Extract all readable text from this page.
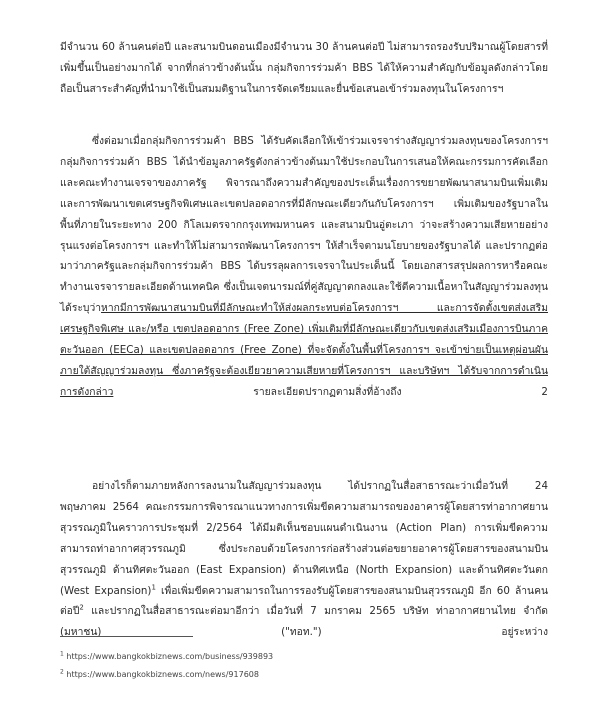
มีจำนวน 60 ล้านคนต่อปี และสนามบินดอนเมืองมีจำนวน 30 ล้านคนต่อปี ไม่สามารถรองรับปริมาณผู้โดยสารที่เพิ่มขึ้นเป็นอย่างมากได้ จากที่กล่าวข้างต้นนั้น กลุ่มกิจการร่วมค้า BBS ได้ให้ความสำคัญกับข้อมูลดังกล่าวโดยถือเป็นสาระสำคัญที่นำมาใช้เป็นสมมติฐานในการจัดเตรียมและยื่นข้อเสนอเข้าร่วมลงทุนในโครงการฯ

ซึ่งต่อมาเมื่อกลุ่มกิจการร่วมค้า BBS ได้รับคัดเลือกให้เข้าร่วมเจรจาร่างสัญญาร่วมลงทุนของโครงการฯ กลุ่มกิจการร่วมค้า BBS ได้นำข้อมูลภาครัฐดังกล่าวข้างต้นมาใช้ประกอบในการเสนอให้คณะกรรมการคัดเลือกและคณะทำงานเจรจาของภาครัฐ พิจารณาถึงความสำคัญของประเด็นเรื่องการขยายพัฒนาสนามบินเพิ่มเติมและการพัฒนาเขตเศรษฐกิจพิเศษและเขตปลอดอากรที่มีลักษณะเดียวกันกับโครงการฯ เพิ่มเติมของรัฐบาลในพื้นที่ภายในระยะทาง 200 กิโลเมตรจากกรุงเทพมหานคร และสนามบินอู่ตะเภา ว่าจะสร้างความเสียหายอย่างรุนแรงต่อโครงการฯ และทำให้ไม่สามารถพัฒนาโครงการฯ ให้สำเร็จตามนโยบายของรัฐบาลได้ และปรากฏต่อมาว่าภาครัฐและกลุ่มกิจการร่วมค้า BBS ได้บรรลุผลการเจรจาในประเด็นนี้ โดยเอกสารสรุปผลการหารือคณะทำงานเจรจารายละเอียดด้านเทคนิค ซึ่งเป็นเจตนารมณ์ที่คู่สัญญาตกลงและใช้ตีความเนื้อหาในสัญญาร่วมลงทุนได้ระบุว่าหากมีการพัฒนาสนามบินที่มีลักษณะทำให้ส่งผลกระทบต่อโครงการฯ และการจัดตั้งเขตส่งเสริมเศรษฐกิจพิเศษ และ/หรือ เขตปลอดอากร (Free Zone) เพิ่มเติมที่มีลักษณะเดียวกับเขตส่งเสริมเมืองการบินภาคตะวันออก (EECa) และเขตปลอดอากร (Free Zone) ที่จะจัดตั้งในพื้นที่โครงการฯ จะเข้าข่ายเป็นเหตุผ่อนผันภายใต้สัญญาร่วมลงทุน ซึ่งภาครัฐจะต้องเยียวยาความเสียหายที่โครงการฯ และบริษัทฯ ได้รับจากการดำเนินการดังกล่าว รายละเอียดปรากฏตามสิ่งที่อ้างถึง 2

อย่างไรก็ตามภายหลังการลงนามในสัญญาร่วมลงทุน ได้ปรากฏในสื่อสาธารณะว่าเมื่อวันที่ 24 พฤษภาคม 2564 คณะกรรมการพิจารณาแนวทางการเพิ่มขีดความสามารถของอาคารผู้โดยสารท่าอากาศยานสุวรรณภูมิในคราวการประชุมที่ 2/2564 ได้มีมติเห็นชอบแผนดำเนินงาน (Action Plan) การเพิ่มขีดความสามารถท่าอากาศสุวรรณภูมิ ซึ่งประกอบด้วยโครงการก่อสร้างส่วนต่อขยายอาคารผู้โดยสารของสนามบินสุวรรณภูมิ ด้านทิศตะวันออก (East Expansion) ด้านทิศเหนือ (North Expansion) และด้านทิศตะวันตก (West Expansion)$^1$ เพื่อเพิ่มขีดความสามารถในการรองรับผู้โดยสารของสนามบินสุวรรณภูมิ อีก 60 ล้านคนต่อปี$^2$ และปรากฏในสื่อสาธารณะต่อมาอีกว่า เมื่อวันที่ 7 มกราคม 2565 บริษัท ท่าอากาศยานไทย จำกัด (มหาชน) ("ทอท.") อยู่ระหว่าง

$^1$ https://www.bangkokbiznews.com/business/939893
$^2$ https://www.bangkokbiznews.com/news/917608
